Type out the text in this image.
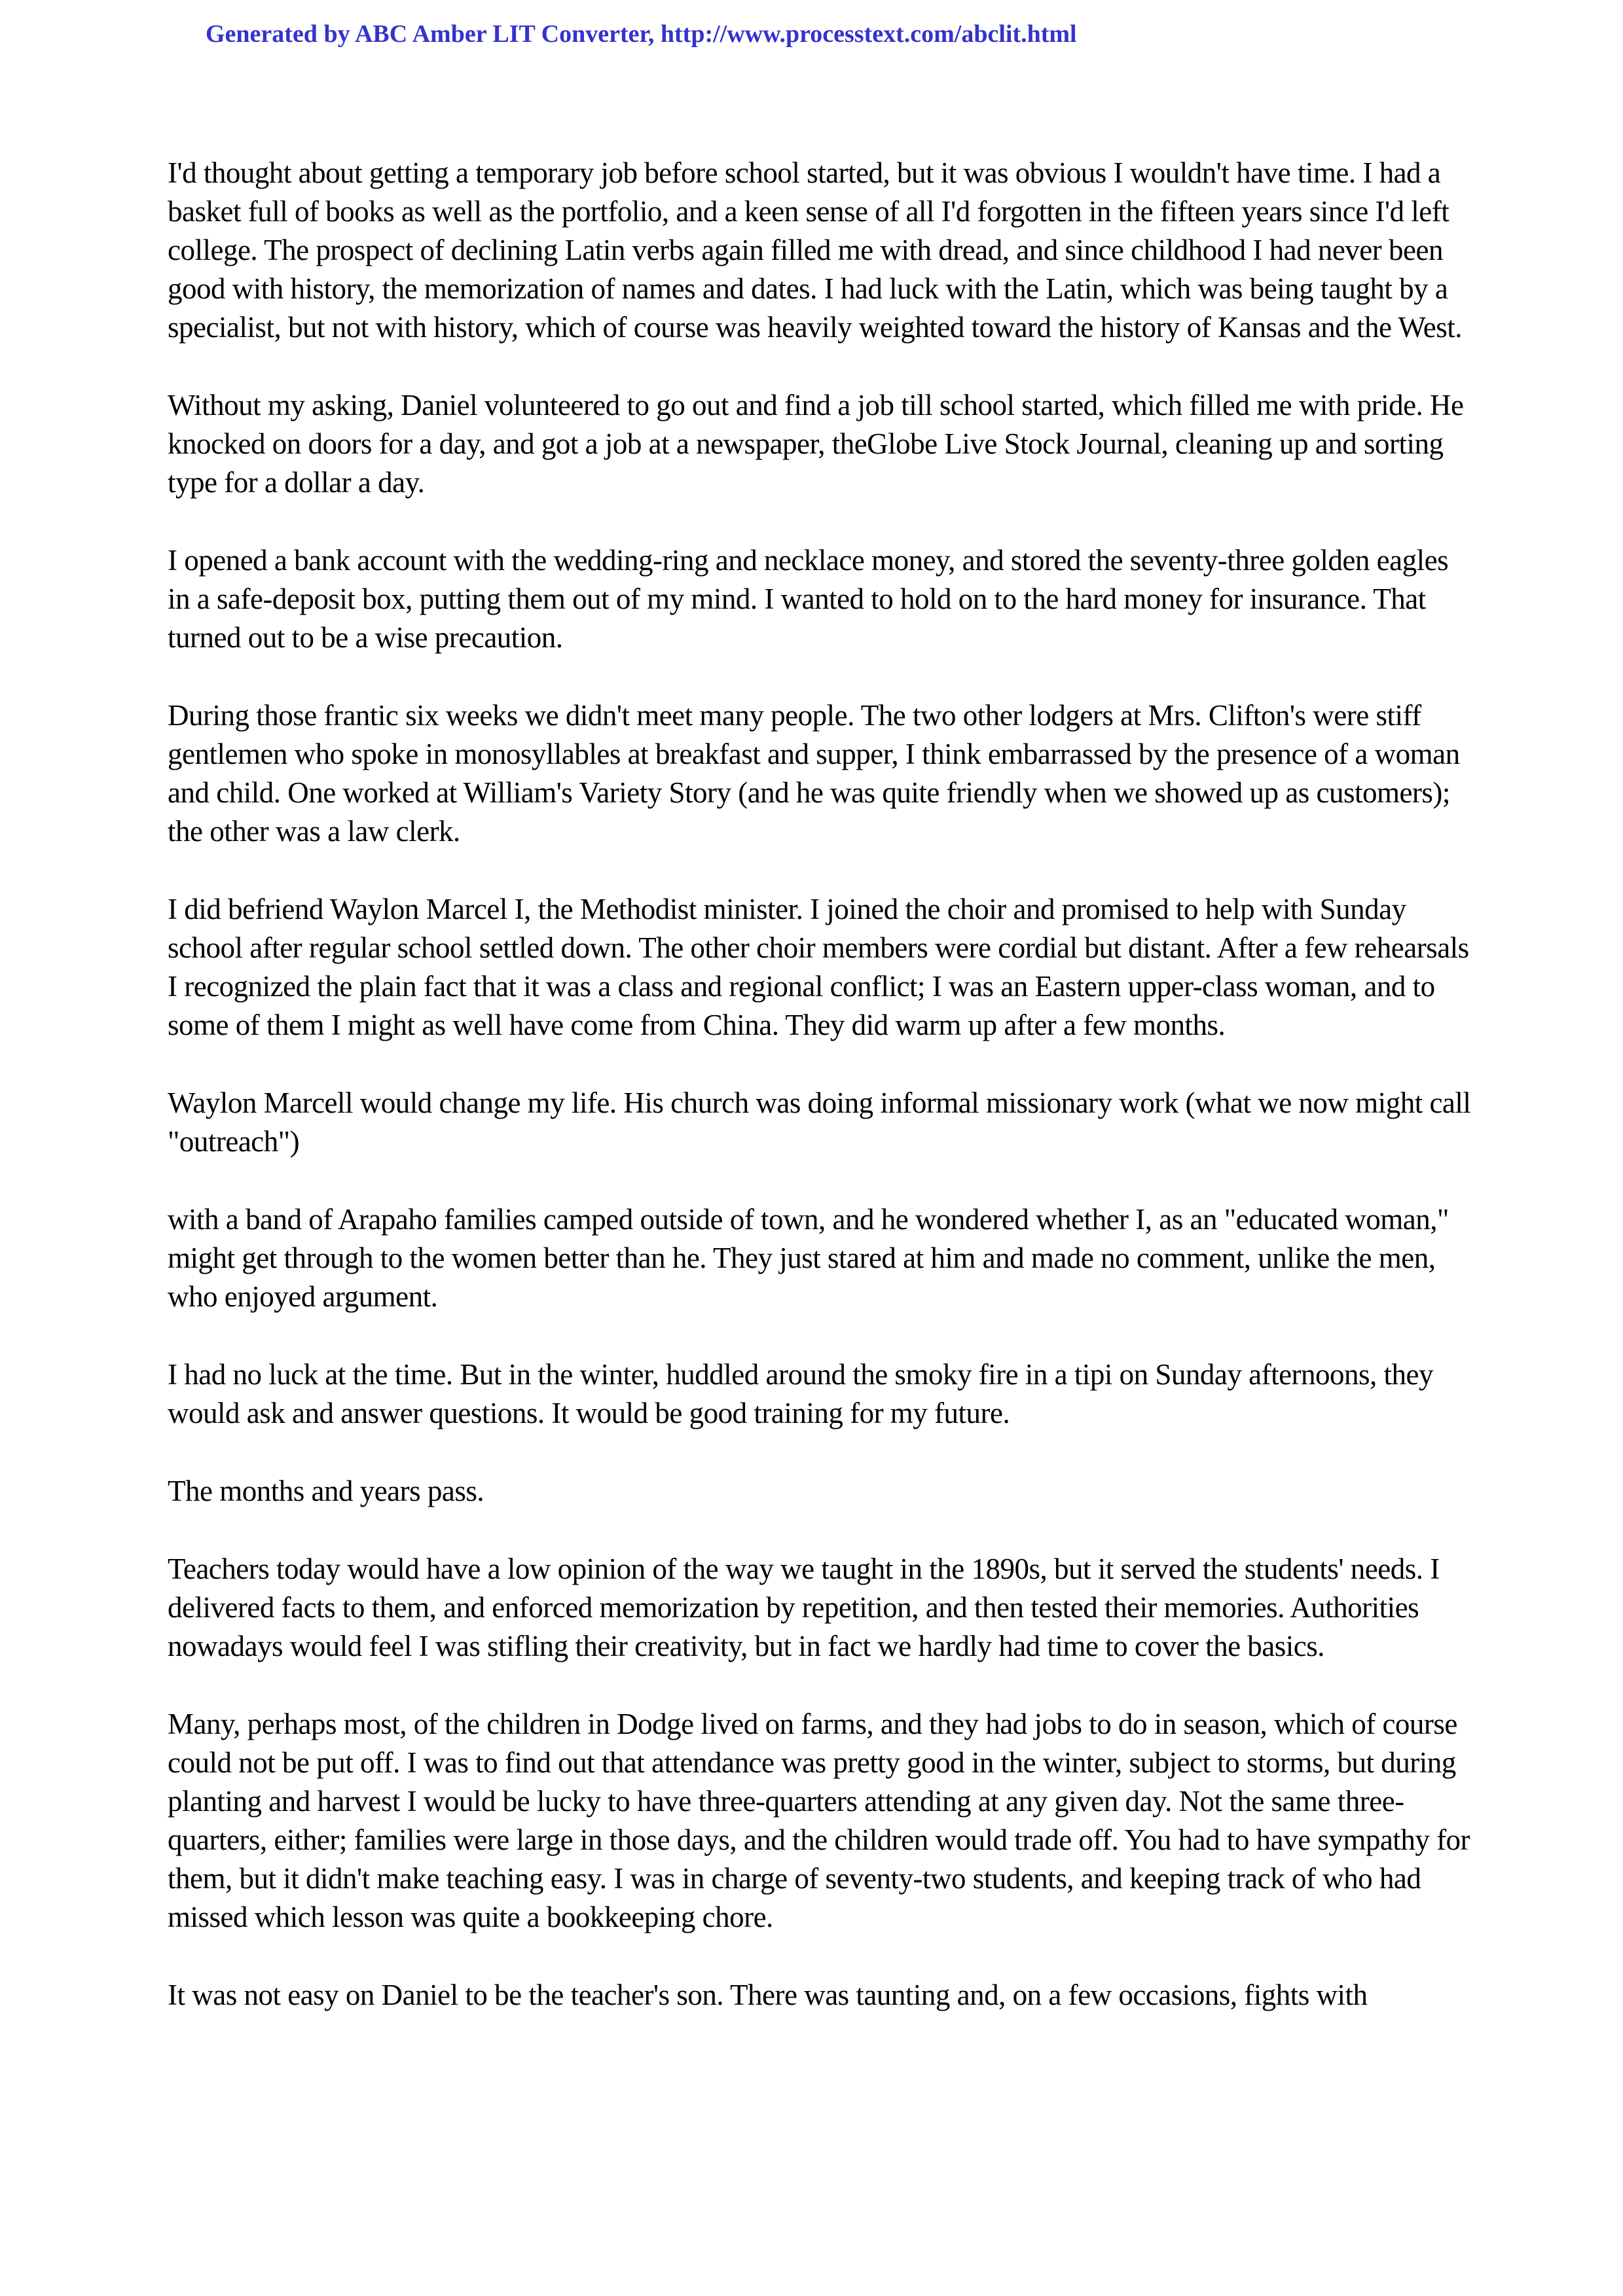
Generated by ABC Amber LIT Converter, http://www.processtext.com/abclit.html

I'd thought about getting a temporary job before school started, but it was obvious I wouldn't have time. I had a basket full of books as well as the portfolio, and a keen sense of all I'd forgotten in the fifteen years since I'd left college. The prospect of declining Latin verbs again filled me with dread, and since childhood I had never been good with history, the memorization of names and dates. I had luck with the Latin, which was being taught by a specialist, but not with history, which of course was heavily weighted toward the history of Kansas and the West.

Without my asking, Daniel volunteered to go out and find a job till school started, which filled me with pride. He knocked on doors for a day, and got a job at a newspaper, theGlobe Live Stock Journal, cleaning up and sorting type for a dollar a day.

I opened a bank account with the wedding-ring and necklace money, and stored the seventy-three golden eagles in a safe-deposit box, putting them out of my mind. I wanted to hold on to the hard money for insurance. That turned out to be a wise precaution.

During those frantic six weeks we didn't meet many people. The two other lodgers at Mrs. Clifton's were stiff gentlemen who spoke in monosyllables at breakfast and supper, I think embarrassed by the presence of a woman and child. One worked at William's Variety Story (and he was quite friendly when we showed up as customers); the other was a law clerk.

I did befriend Waylon Marcel I, the Methodist minister. I joined the choir and promised to help with Sunday school after regular school settled down. The other choir members were cordial but distant. After a few rehearsals I recognized the plain fact that it was a class and regional conflict; I was an Eastern upper-class woman, and to some of them I might as well have come from China. They did warm up after a few months.

Waylon Marcell would change my life. His church was doing informal missionary work (what we now might call "outreach")

with a band of Arapaho families camped outside of town, and he wondered whether I, as an "educated woman," might get through to the women better than he. They just stared at him and made no comment, unlike the men, who enjoyed argument.

I had no luck at the time. But in the winter, huddled around the smoky fire in a tipi on Sunday afternoons, they would ask and answer questions. It would be good training for my future.

The months and years pass.

Teachers today would have a low opinion of the way we taught in the 1890s, but it served the students' needs. I delivered facts to them, and enforced memorization by repetition, and then tested their memories. Authorities nowadays would feel I was stifling their creativity, but in fact we hardly had time to cover the basics.

Many, perhaps most, of the children in Dodge lived on farms, and they had jobs to do in season, which of course could not be put off. I was to find out that attendance was pretty good in the winter, subject to storms, but during planting and harvest I would be lucky to have three-quarters attending at any given day. Not the same three-quarters, either; families were large in those days, and the children would trade off. You had to have sympathy for them, but it didn't make teaching easy. I was in charge of seventy-two students, and keeping track of who had missed which lesson was quite a bookkeeping chore.

It was not easy on Daniel to be the teacher's son. There was taunting and, on a few occasions, fights with
